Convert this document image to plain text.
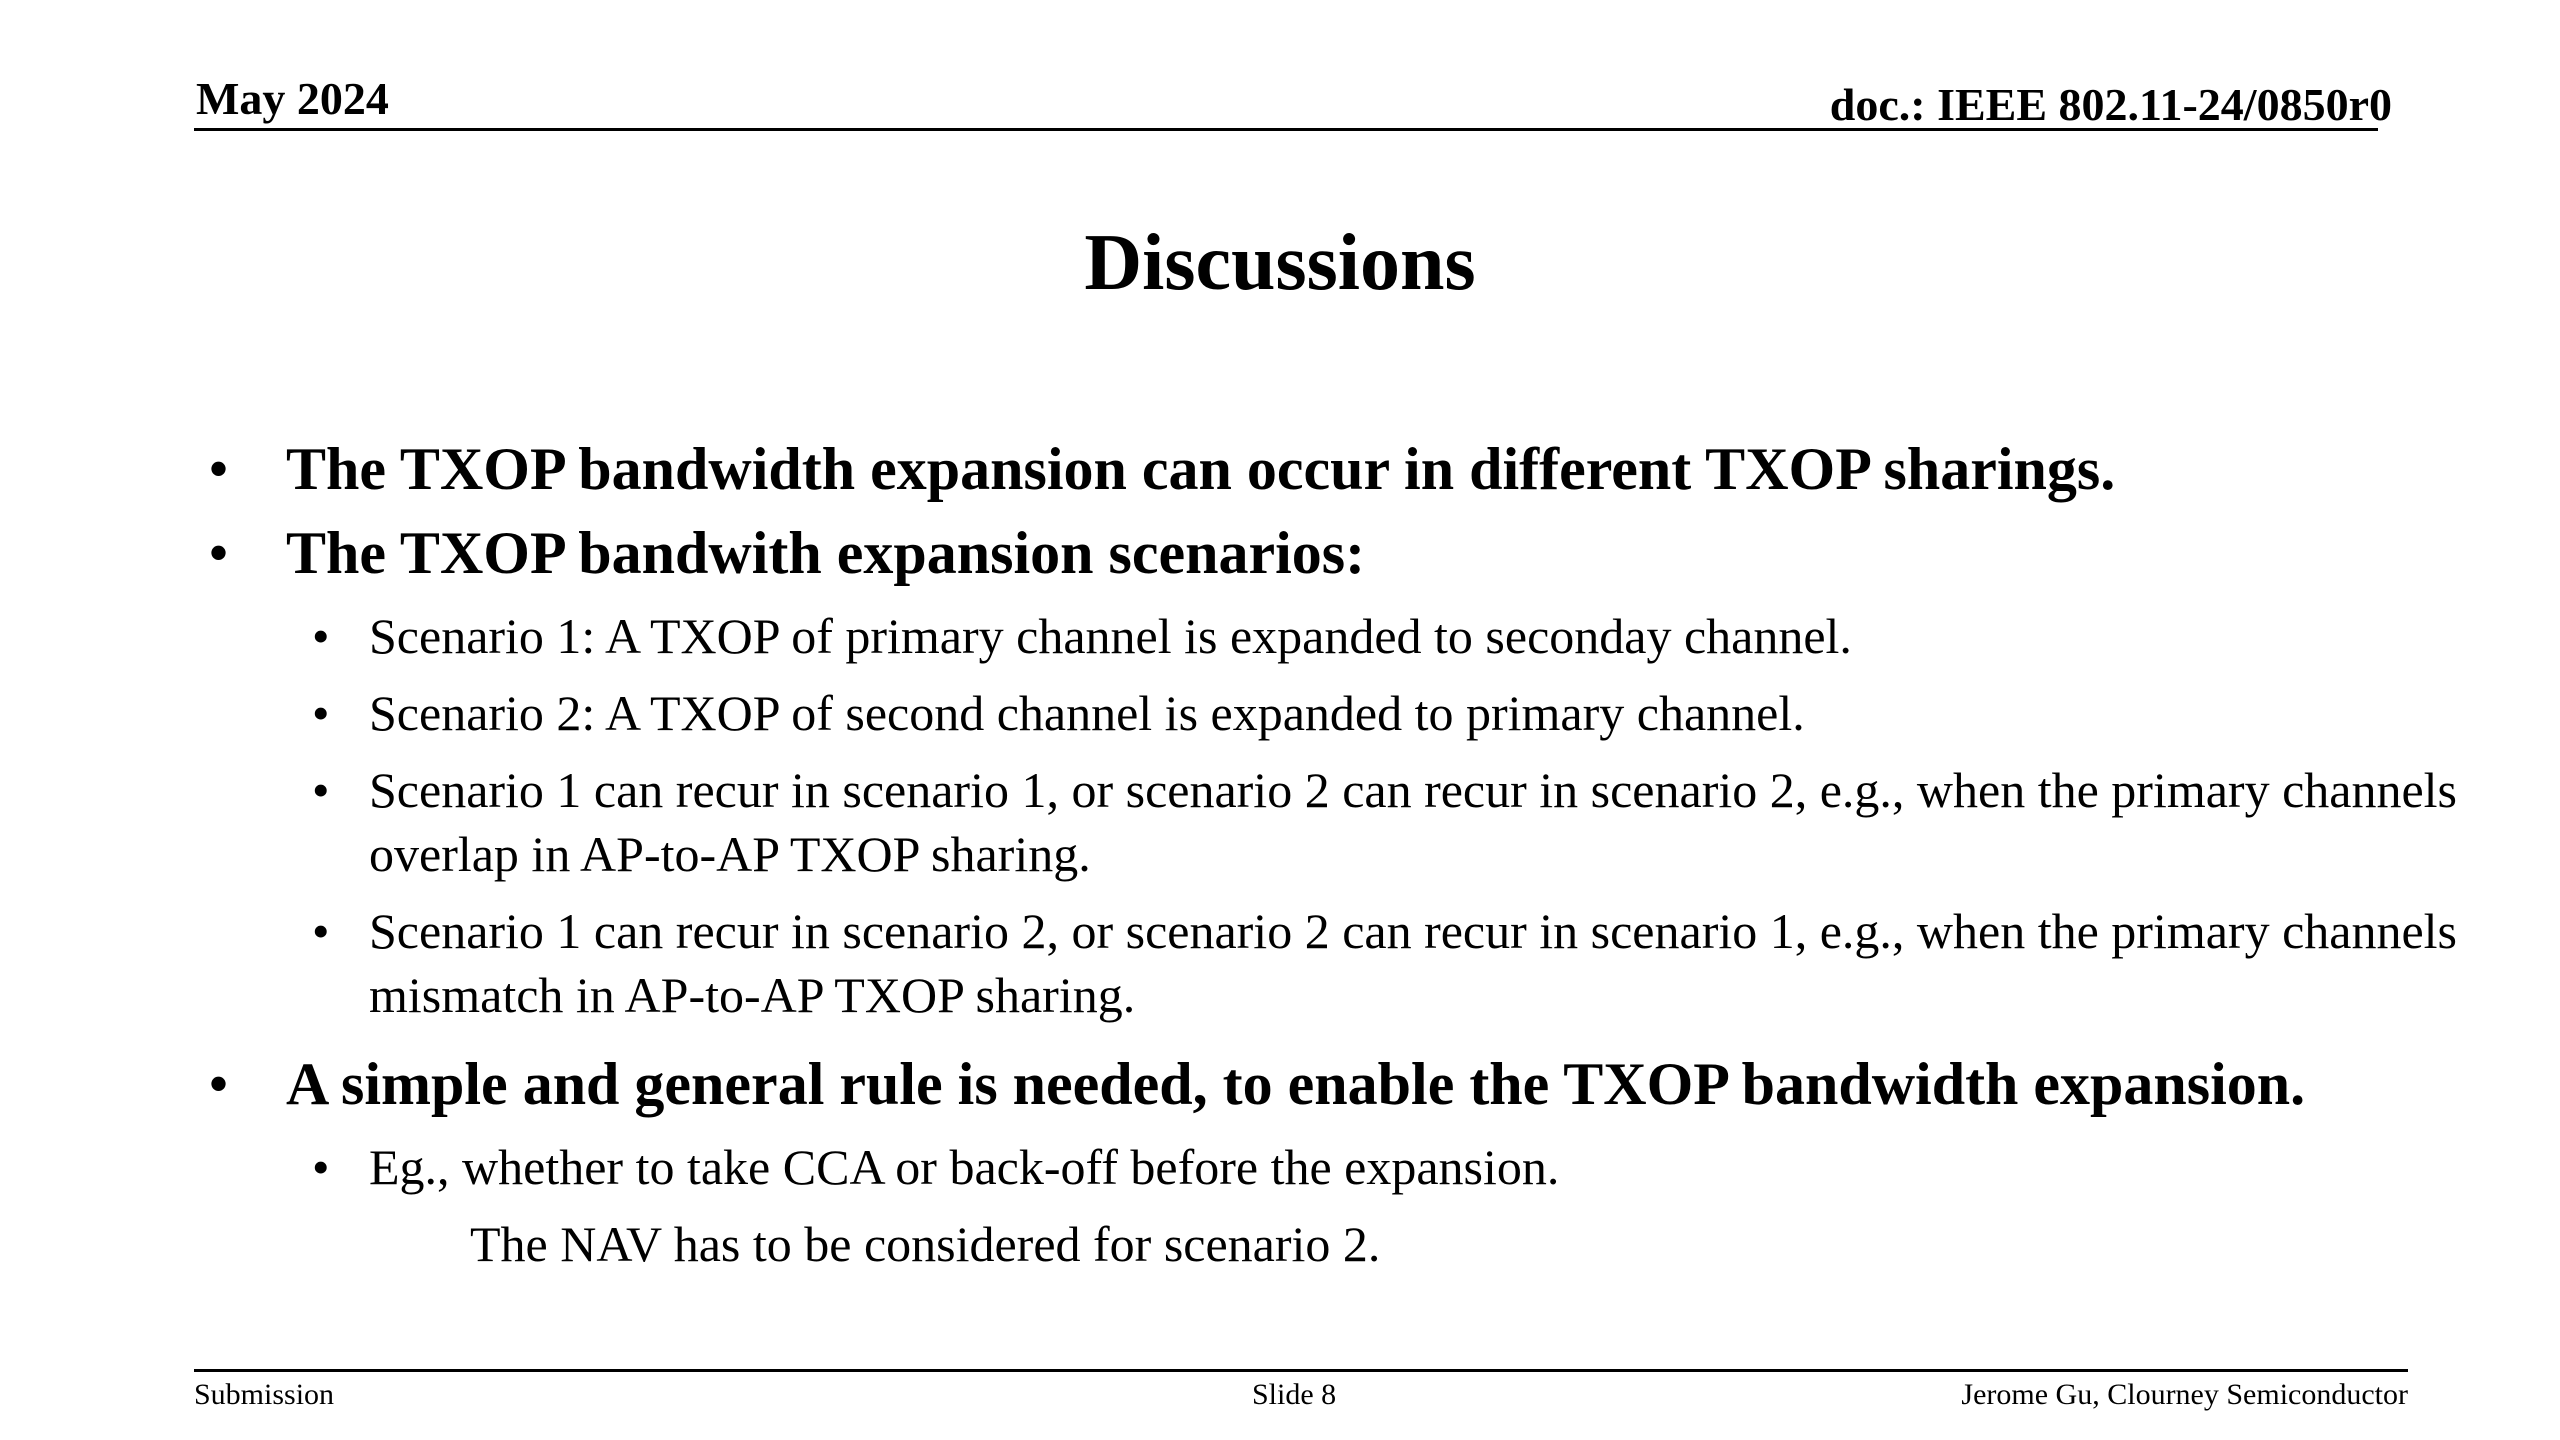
May 2024	doc.: IEEE 802.11-24/0850r0
Discussions
• The TXOP bandwidth expansion can occur in different TXOP sharings.
• The TXOP bandwith expansion scenarios:
• Scenario 1: A TXOP of primary channel is expanded to seconday channel.
• Scenario 2: A TXOP of second channel is expanded to primary channel.
• Scenario 1 can recur in scenario 1, or scenario 2 can recur in scenario 2, e.g., when the primary channels overlap in AP-to-AP TXOP sharing.
• Scenario 1 can recur in scenario 2, or scenario 2 can recur in scenario 1, e.g., when the primary channels mismatch in AP-to-AP TXOP sharing.
• A simple and general rule is needed, to enable the TXOP bandwidth expansion.
• Eg., whether to take CCA or back-off before the expansion.
The NAV has to be considered for scenario 2.
Submission	Slide 8	Jerome Gu, Clourney Semiconductor
